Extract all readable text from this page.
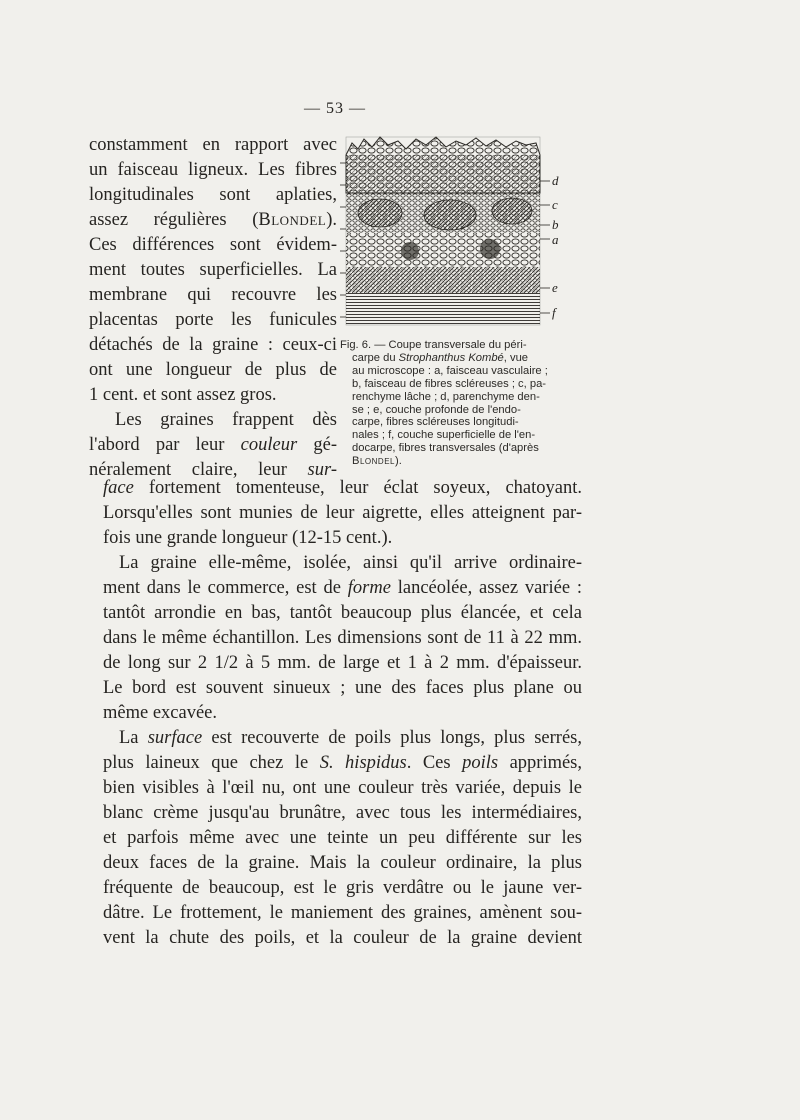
— 53 —
constamment en rapport avec
un faisceau ligneux. Les fibres
longitudinales sont aplaties,
assez régulières (Blondel).
Ces différences sont évidem-
ment toutes superficielles. La
membrane qui recouvre les
placentas porte les funicules
détachés de la graine : ceux-ci
ont une longueur de plus de
1 cent. et sont assez gros.
Les graines frappent dès
l'abord par leur couleur gé-
néralement claire, leur sur-
d
c
b
a
e
f
Fig. 6. — Coupe transversale du péri-
carpe du Strophanthus Kombé, vue
au microscope : a, faisceau vasculaire ;
b, faisceau de fibres scléreuses ; c, pa-
renchyme lâche ; d, parenchyme den-
se ; e, couche profonde de l'endo-
carpe, fibres scléreuses longitudi-
nales ; f, couche superficielle de l'en-
docarpe, fibres transversales (d'après
Blondel).
face fortement tomenteuse, leur éclat soyeux, chatoyant.
Lorsqu'elles sont munies de leur aigrette, elles atteignent par-
fois une grande longueur (12-15 cent.).
La graine elle-même, isolée, ainsi qu'il arrive ordinaire-
ment dans le commerce, est de forme lancéolée, assez variée :
tantôt arrondie en bas, tantôt beaucoup plus élancée, et cela
dans le même échantillon. Les dimensions sont de 11 à 22 mm.
de long sur 2 1/2 à 5 mm. de large et 1 à 2 mm. d'épaisseur.
Le bord est souvent sinueux ; une des faces plus plane ou
même excavée.
La surface est recouverte de poils plus longs, plus serrés,
plus laineux que chez le S. hispidus. Ces poils apprimés,
bien visibles à l'œil nu, ont une couleur très variée, depuis le
blanc crème jusqu'au brunâtre, avec tous les intermédiaires,
et parfois même avec une teinte un peu différente sur les
deux faces de la graine. Mais la couleur ordinaire, la plus
fréquente de beaucoup, est le gris verdâtre ou le jaune ver-
dâtre. Le frottement, le maniement des graines, amènent sou-
vent la chute des poils, et la couleur de la graine devient
